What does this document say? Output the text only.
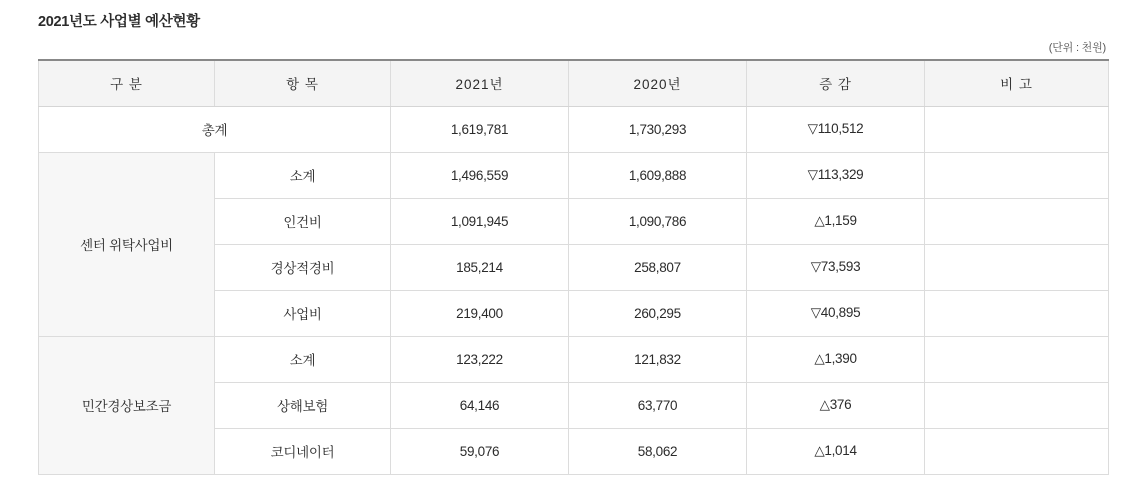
2021년도 사업별 예산현황
(단위 : 천원)
구 분	항 목	2021년	2020년	증 감	비 고
총계		1,619,781	1,730,293	▽110,512	
센터 위탁사업비	소계	1,496,559	1,609,888	▽113,329	
	인건비	1,091,945	1,090,786	△1,159	
	경상적경비	185,214	258,807	▽73,593	
	사업비	219,400	260,295	▽40,895	
민간경상보조금	소계	123,222	121,832	△1,390	
	상해보험	64,146	63,770	△376	
	코디네이터	59,076	58,062	△1,014	
